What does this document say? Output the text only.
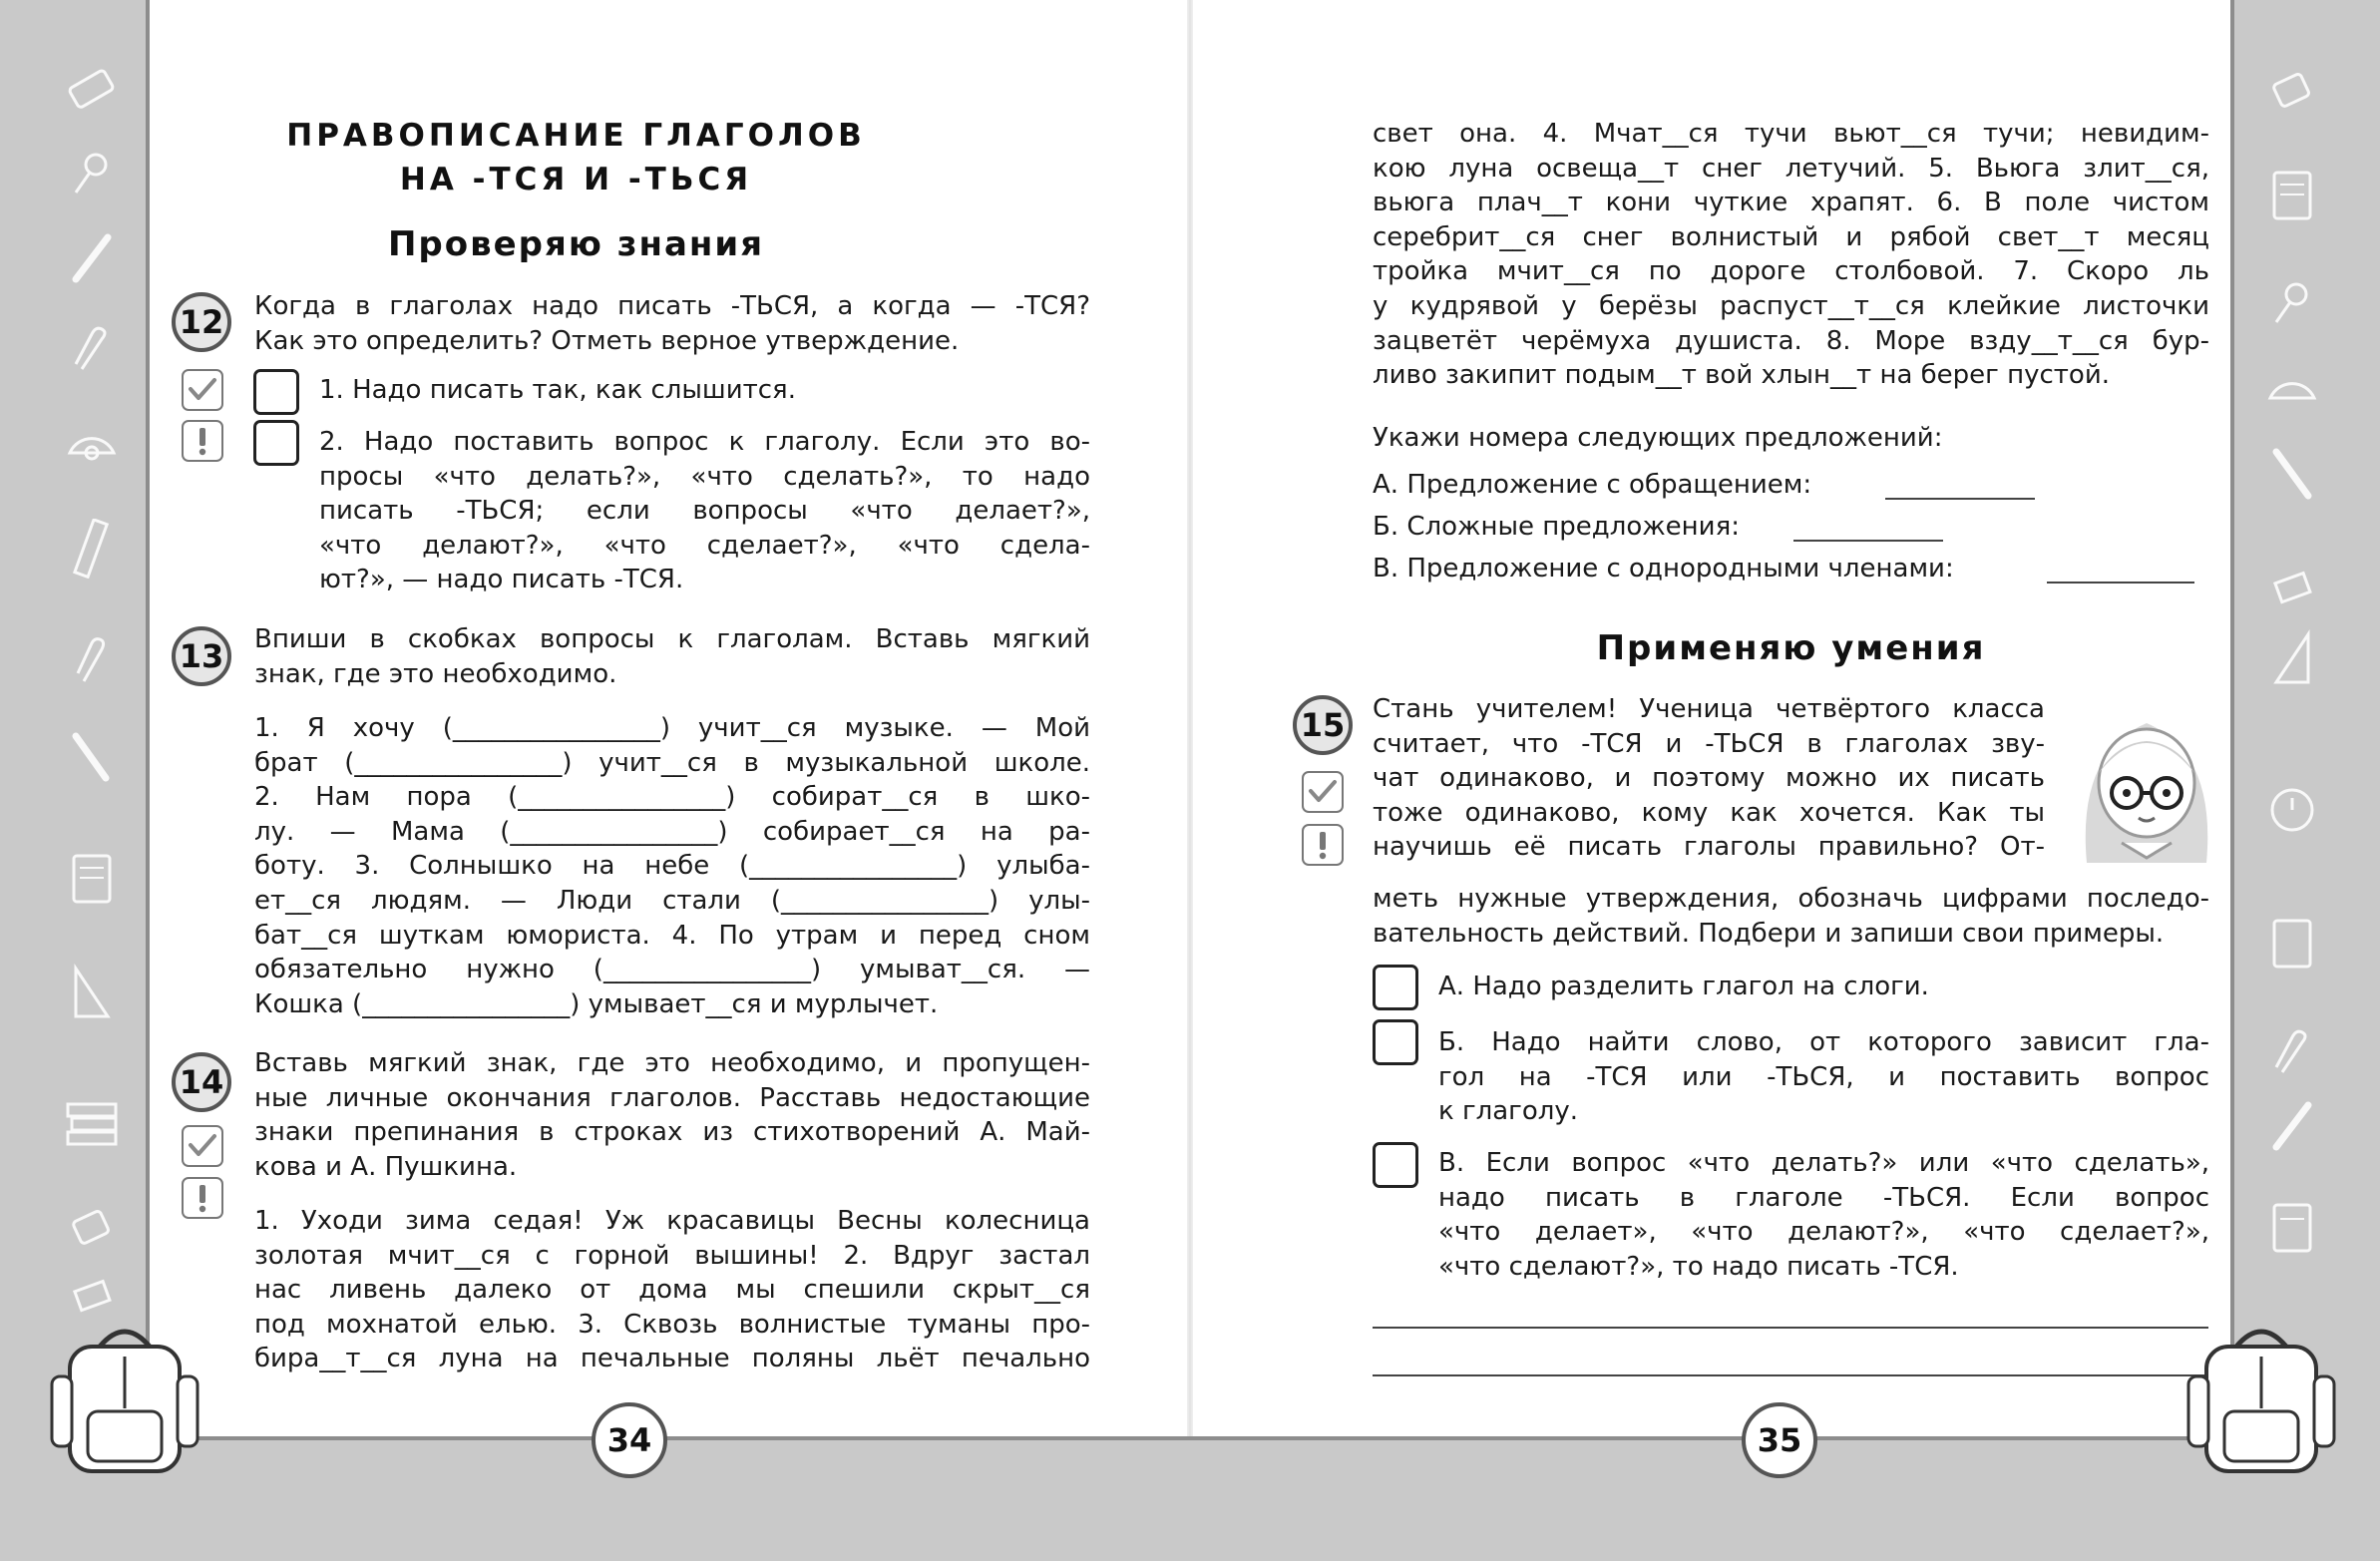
ПРАВОПИСАНИЕ ГЛАГОЛОВ
НА -ТСЯ И -ТЬСЯ
Проверяю знания
12 Когда в глаголах надо писать -ТЬСЯ, а когда — -ТСЯ?
Как это определить? Отметь верное утверждение.
1. Надо писать так, как слышится.
2. Надо поставить вопрос к глаголу. Если это во-
просы «что делать?», «что сделать?», то надо
писать -ТЬСЯ; если вопросы «что делает?»,
«что делают?», «что сделает?», «что сдела-
ют?», — надо писать -ТСЯ.
13 Впиши в скобках вопросы к глаголам. Вставь мягкий
знак, где это необходимо.
1. Я хочу (________________) учит__ся музыке. — Мой
брат (________________) учит__ся в музыкальной школе.
2. Нам пора (________________) собират__ся в шко-
лу. — Мама (________________) собирает__ся на ра-
боту. 3. Солнышко на небе (________________) улыба-
ет__ся людям. — Люди стали (________________) улы-
бат__ся шуткам юмориста. 4. По утрам и перед сном
обязательно нужно (________________) умыват__ся. —
Кошка (________________) умывает__ся и мурлычет.
14 Вставь мягкий знак, где это необходимо, и пропущен-
ные личные окончания глаголов. Расставь недостающие
знаки препинания в строках из стихотворений А. Май-
кова и А. Пушкина.
1. Уходи зима седая! Уж красавицы Весны колесница
золотая мчит__ся с горной вышины! 2. Вдруг застал
нас ливень далеко от дома мы спешили скрыт__ся
под мохнатой елью. 3. Сквозь волнистые туманы про-
бира__т__ся луна на печальные поляны льёт печально
34
свет она. 4. Мчат__ся тучи вьют__ся тучи; невидим-
кою луна освеща__т снег летучий. 5. Вьюга злит__ся,
вьюга плач__т кони чуткие храпят. 6. В поле чистом
серебрит__ся снег волнистый и рябой свет__т месяц
тройка мчит__ся по дороге столбовой. 7. Скоро ль
у кудрявой у берёзы распуст__т__ся клейкие листочки
зацветёт черёмуха душиста. 8. Море взду__т__ся бур-
ливо закипит подым__т вой хлын__т на берег пустой.
Укажи номера следующих предложений:
А. Предложение с обращением:
Б. Сложные предложения:
В. Предложение с однородными членами:
Применяю умения
15 Стань учителем! Ученица четвёртого класса
считает, что -ТСЯ и -ТЬСЯ в глаголах зву-
чат одинаково, и поэтому можно их писать
тоже одинаково, кому как хочется. Как ты
научишь её писать глаголы правильно? От-
меть нужные утверждения, обозначь цифрами последо-
вательность действий. Подбери и запиши свои примеры.
А. Надо разделить глагол на слоги.
Б. Надо найти слово, от которого зависит гла-
гол на -ТСЯ или -ТЬСЯ, и поставить вопрос
к глаголу.
В. Если вопрос «что делать?» или «что сделать»,
надо писать в глаголе -ТЬСЯ. Если вопрос
«что делает», «что делают?», «что сделает?»,
«что сделают?», то надо писать -ТСЯ.
35
